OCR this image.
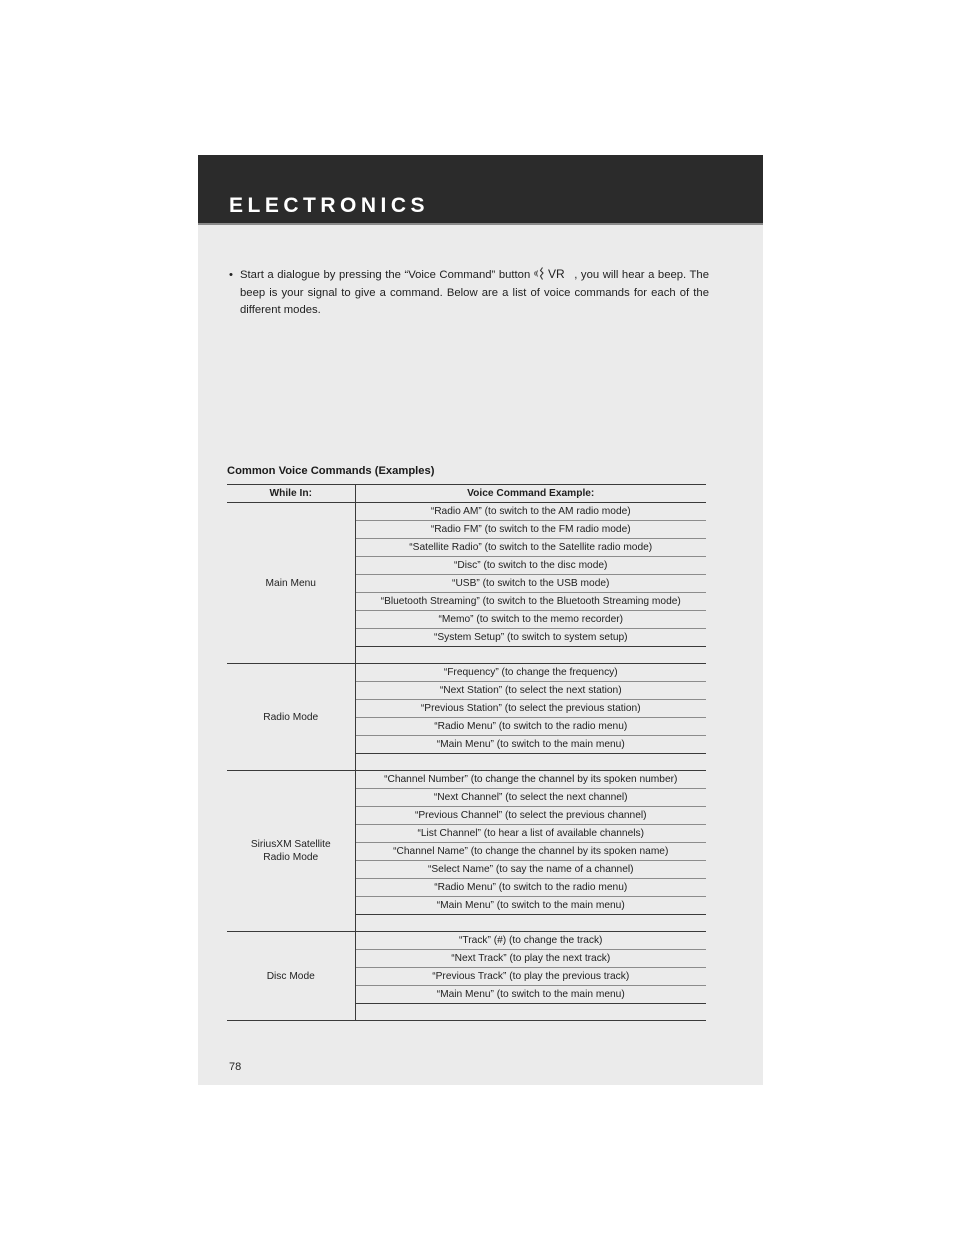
ELECTRONICS
• Start a dialogue by pressing the “Voice Command” button VR , you will hear a beep. The beep is your signal to give a command. Below are a list of voice commands for each of the different modes.
Common Voice Commands (Examples)
While In:	Voice Command Example:
Main Menu	“Radio AM” (to switch to the AM radio mode)
	“Radio FM” (to switch to the FM radio mode)
	“Satellite Radio” (to switch to the Satellite radio mode)
	“Disc” (to switch to the disc mode)
	“USB” (to switch to the USB mode)
	“Bluetooth Streaming” (to switch to the Bluetooth Streaming mode)
	“Memo” (to switch to the memo recorder)
	“System Setup” (to switch to system setup)

Radio Mode	“Frequency” (to change the frequency)
	“Next Station” (to select the next station)
	“Previous Station” (to select the previous station)
	“Radio Menu” (to switch to the radio menu)
	“Main Menu” (to switch to the main menu)

SiriusXM Satellite
Radio Mode	“Channel Number” (to change the channel by its spoken number)
	“Next Channel” (to select the next channel)
	“Previous Channel” (to select the previous channel)
	“List Channel” (to hear a list of available channels)
	“Channel Name” (to change the channel by its spoken name)
	“Select Name” (to say the name of a channel)
	“Radio Menu” (to switch to the radio menu)
	“Main Menu” (to switch to the main menu)

Disc Mode	“Track” (#) (to change the track)
	“Next Track” (to play the next track)
	“Previous Track” (to play the previous track)
	“Main Menu” (to switch to the main menu)

78
